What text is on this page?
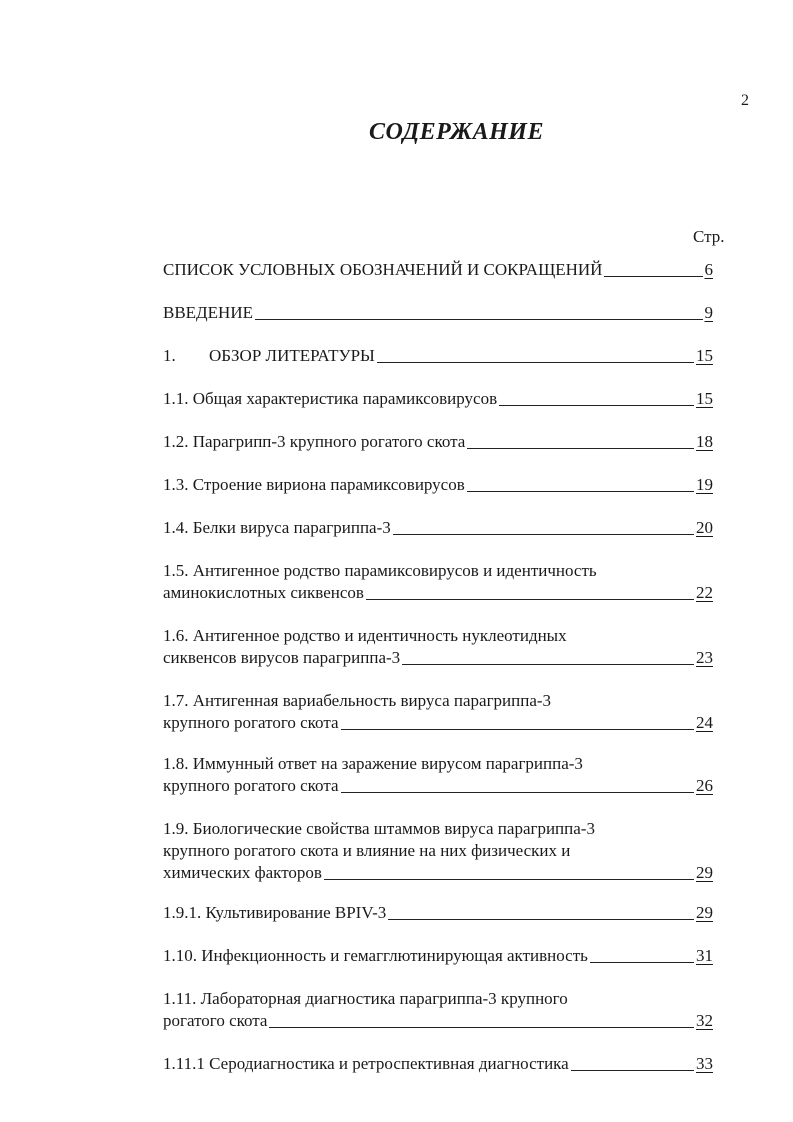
2
СОДЕРЖАНИЕ
Стр.
СПИСОК УСЛОВНЫХ ОБОЗНАЧЕНИЙ И СОКРАЩЕНИЙ	6
ВВЕДЕНИЕ	9
1.	ОБЗОР ЛИТЕРАТУРЫ	15
1.1. Общая характеристика парамиксовирусов	15
1.2. Парагрипп-3 крупного рогатого скота	18
1.3. Строение вириона парамиксовирусов	19
1.4. Белки вируса парагриппа-3	20
1.5. Антигенное родство парамиксовирусов и идентичность
аминокислотных сиквенсов	22
1.6. Антигенное родство и идентичность нуклеотидных
сиквенсов вирусов парагриппа-3	23
1.7. Антигенная вариабельность вируса парагриппа-3
крупного рогатого скота	24
1.8. Иммунный ответ на заражение вирусом парагриппа-3
крупного рогатого скота	26
1.9. Биологические свойства штаммов вируса парагриппа-3
крупного рогатого скота и влияние на них физических и
химических факторов	29
1.9.1. Культивирование BPIV-3	29
1.10. Инфекционность и гемагглютинирующая активность	31
1.11. Лабораторная диагностика парагриппа-3 крупного
рогатого скота	32
1.11.1 Серодиагностика и ретроспективная диагностика	33
